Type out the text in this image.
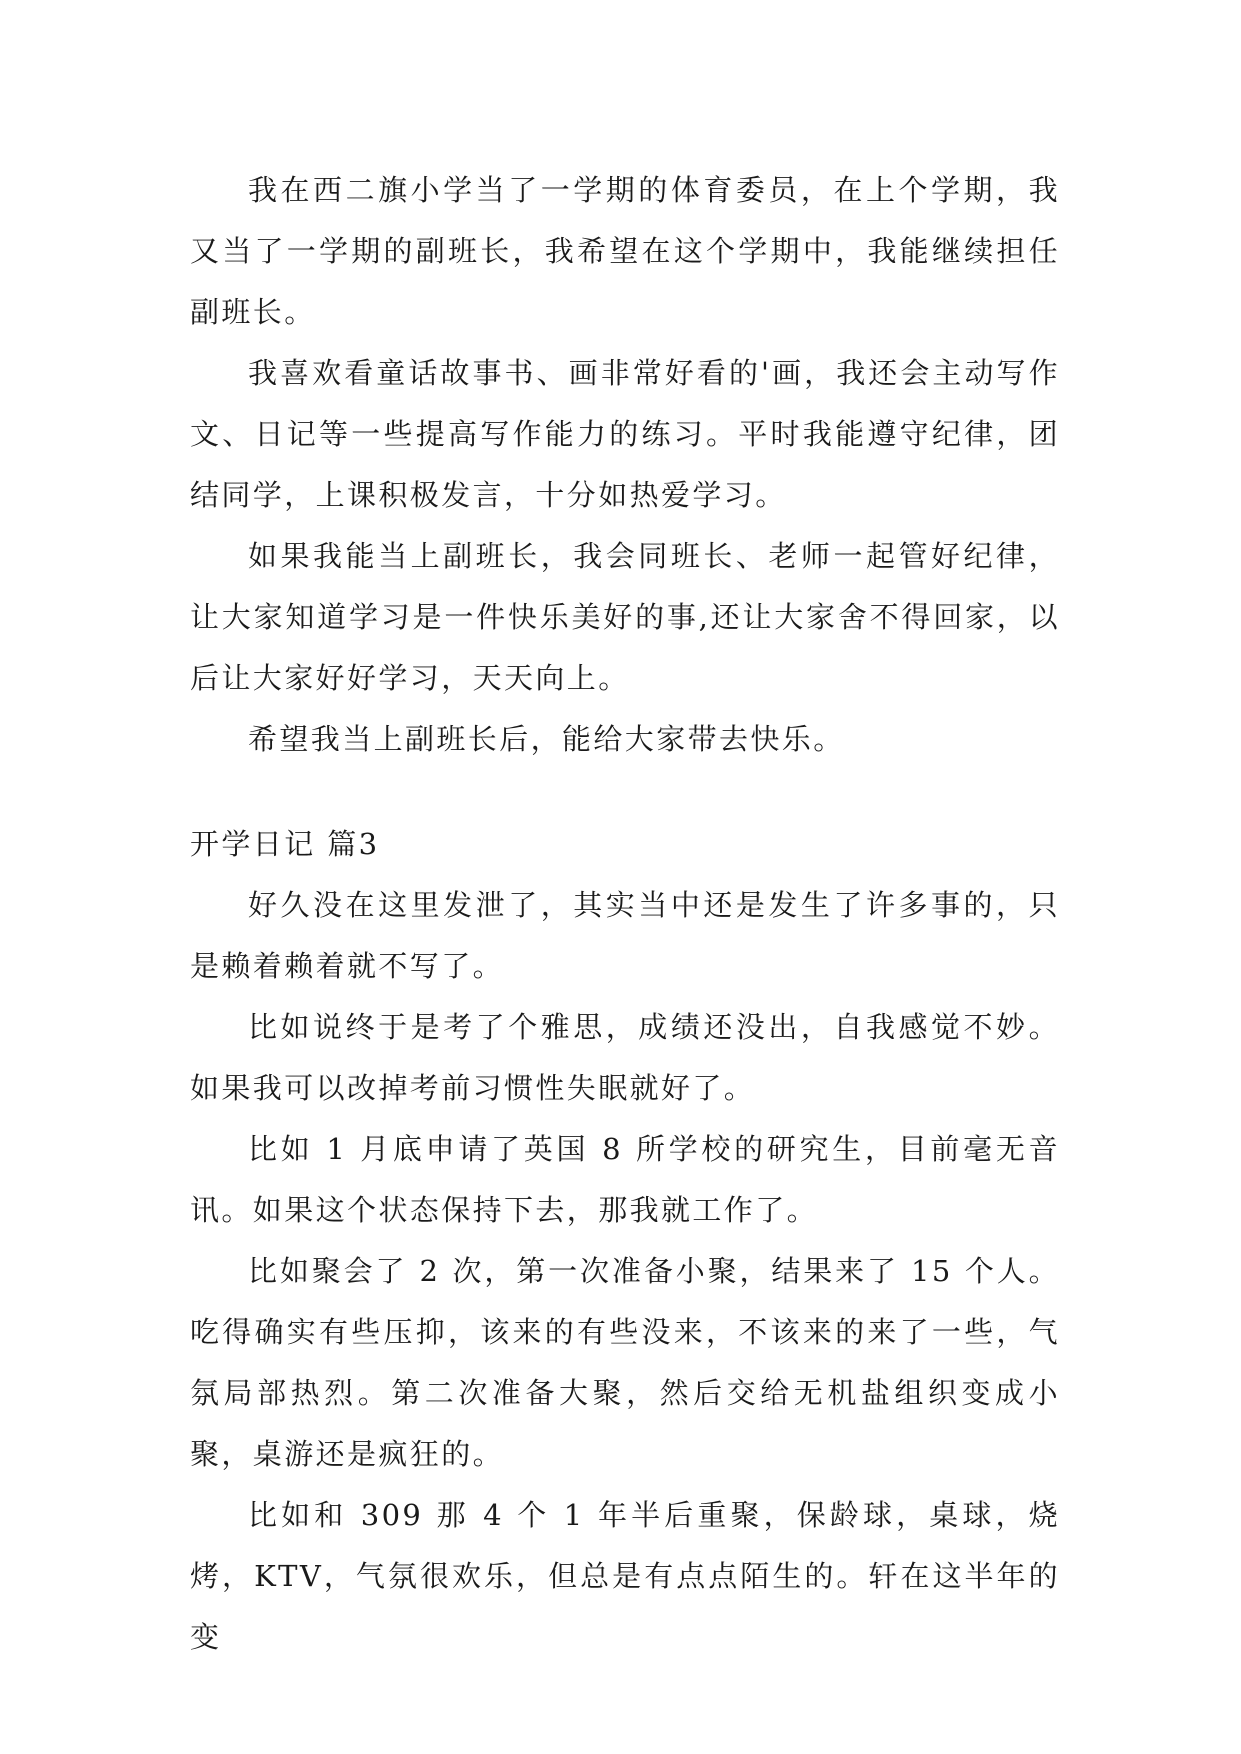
我在西二旗小学当了一学期的体育委员，在上个学期，我又当了一学期的副班长，我希望在这个学期中，我能继续担任副班长。

我喜欢看童话故事书、画非常好看的'画，我还会主动写作文、日记等一些提高写作能力的练习。平时我能遵守纪律，团结同学，上课积极发言，十分如热爱学习。

如果我能当上副班长，我会同班长、老师一起管好纪律，让大家知道学习是一件快乐美好的事,还让大家舍不得回家，以后让大家好好学习，天天向上。

希望我当上副班长后，能给大家带去快乐。

开学日记 篇3

好久没在这里发泄了，其实当中还是发生了许多事的，只是赖着赖着就不写了。

比如说终于是考了个雅思，成绩还没出，自我感觉不妙。如果我可以改掉考前习惯性失眠就好了。

比如 1 月底申请了英国 8 所学校的研究生，目前毫无音讯。如果这个状态保持下去，那我就工作了。

比如聚会了 2 次，第一次准备小聚，结果来了 15 个人。吃得确实有些压抑，该来的有些没来，不该来的来了一些，气氛局部热烈。第二次准备大聚，然后交给无机盐组织变成小聚，桌游还是疯狂的。

比如和 309 那 4 个 1 年半后重聚，保龄球，桌球，烧烤，KTV，气氛很欢乐，但总是有点点陌生的。轩在这半年的变
